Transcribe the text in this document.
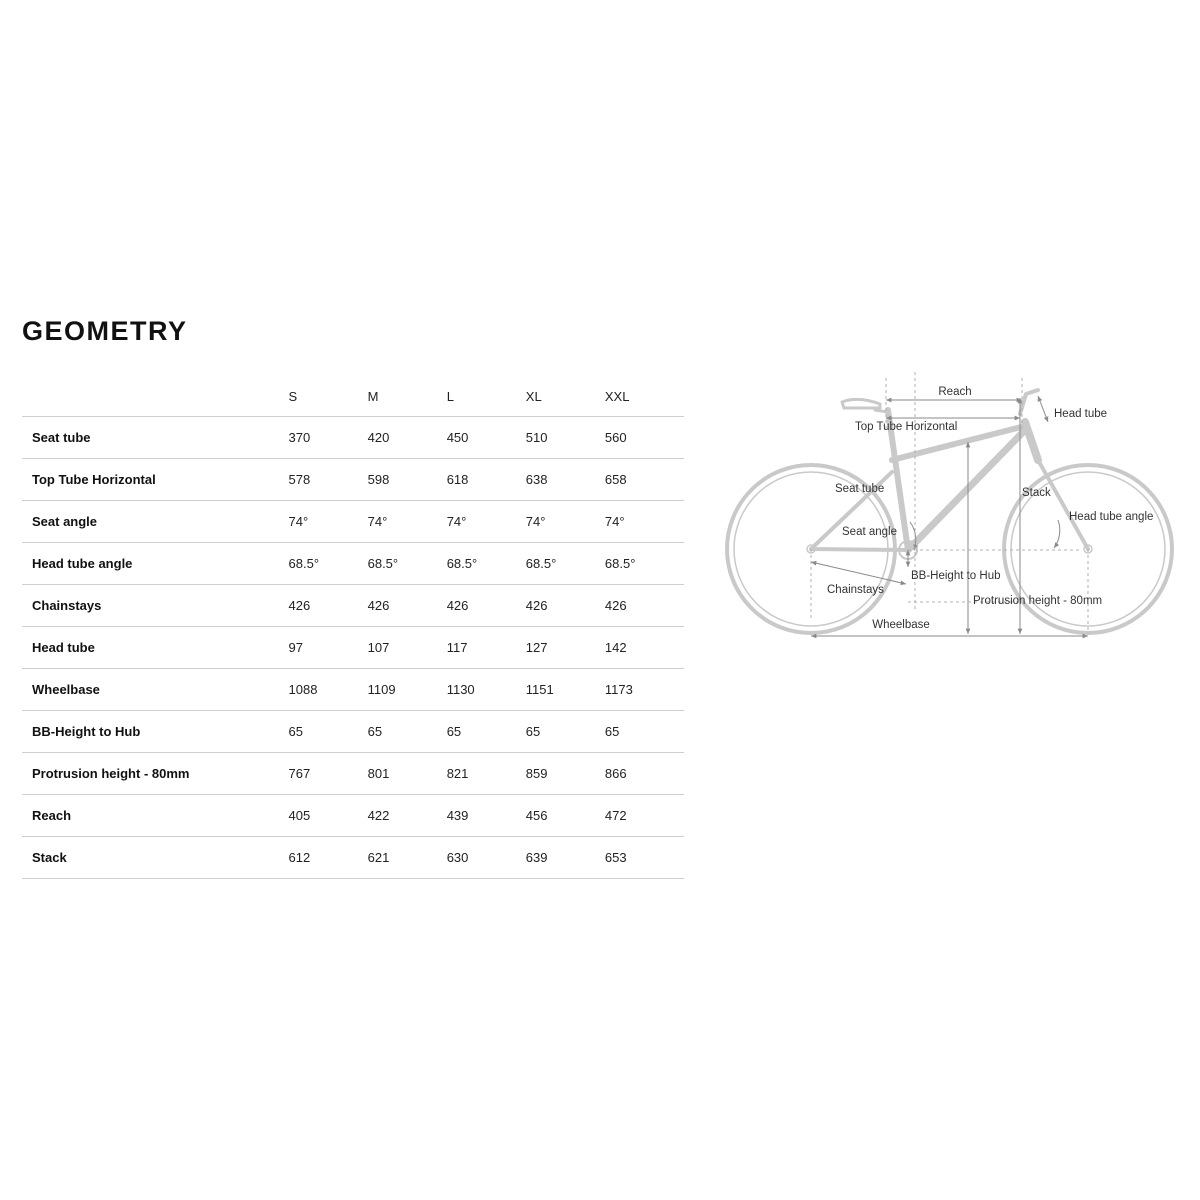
GEOMETRY
	S	M	L	XL	XXL
Seat tube	370	420	450	510	560
Top Tube Horizontal	578	598	618	638	658
Seat angle	74°	74°	74°	74°	74°
Head tube angle	68.5°	68.5°	68.5°	68.5°	68.5°
Chainstays	426	426	426	426	426
Head tube	97	107	117	127	142
Wheelbase	1088	1109	1130	1151	1173
BB-Height to Hub	65	65	65	65	65
Protrusion height - 80mm	767	801	821	859	866
Reach	405	422	439	456	472
Stack	612	621	630	639	653
Reach
Head tube
Top Tube Horizontal
Seat tube	Stack
Head tube angle
Seat angle
BB-Height to Hub
Chainstays
Protrusion height - 80mm
Wheelbase
